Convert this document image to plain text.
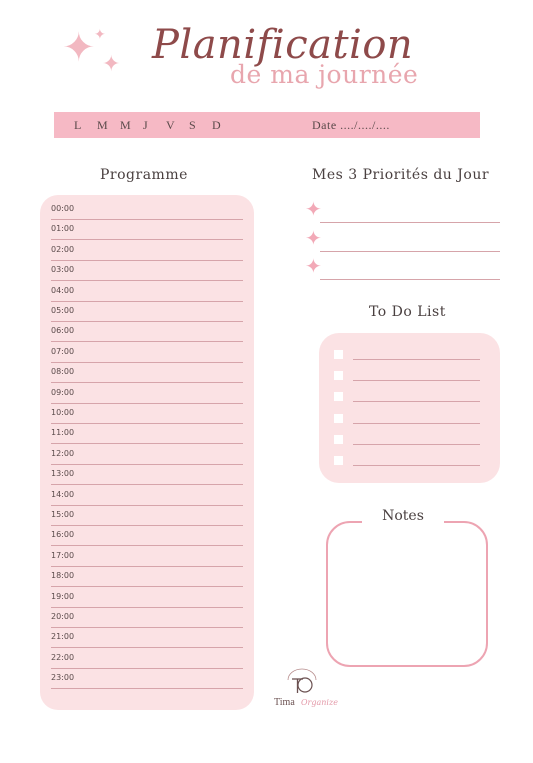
✦
✦
✦ Planification
de ma journée
L	M M J	V	S	D	Date ..../..../....
Programme
00:00
01:00
02:00
03:00
04:00
05:00
06:00
07:00
08:00
09:00
10:00
11:00
12:00
13:00
14:00
15:00
16:00
17:00
18:00
19:00
20:00
21:00
22:00
23:00
Mes 3 Priorités du Jour
✦
✦
✦
To Do List
Notes
Tima Organize
